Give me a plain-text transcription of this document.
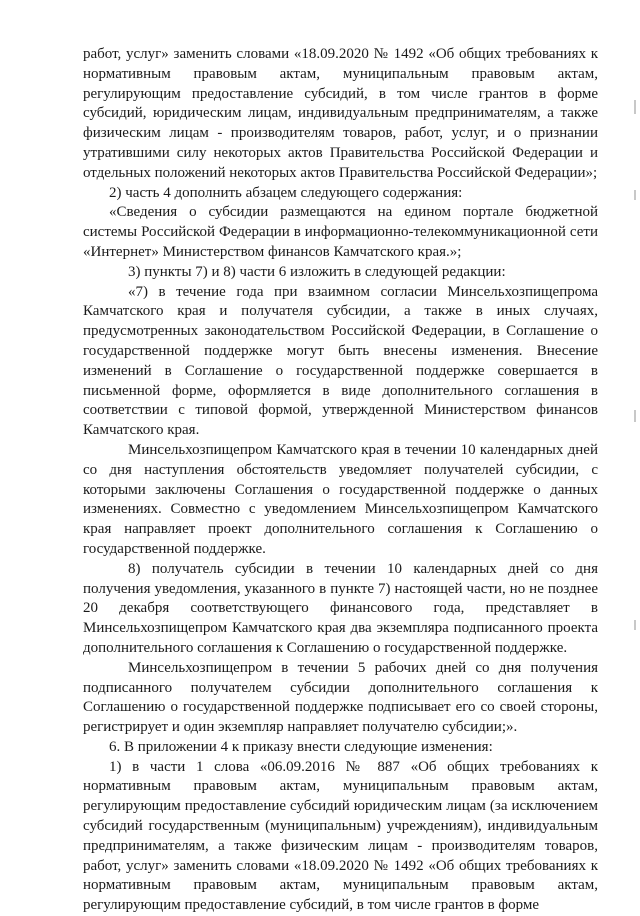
работ, услуг» заменить словами «18.09.2020 № 1492 «Об общих требованиях к нормативным правовым актам, муниципальным правовым актам, регулирующим предоставление субсидий, в том числе грантов в форме субсидий, юридическим лицам, индивидуальным предпринимателям, а также физическим лицам - производителям товаров, работ, услуг, и о признании утратившими силу некоторых актов Правительства Российской Федерации и отдельных положений некоторых актов Правительства Российской Федерации»;

2) часть 4 дополнить абзацем следующего содержания:

«Сведения о субсидии размещаются на едином портале бюджетной системы Российской Федерации в информационно-телекоммуникационной сети «Интернет» Министерством финансов Камчатского края.»;

3) пункты 7) и 8) части 6 изложить в следующей редакции:

«7) в течение года при взаимном согласии Минсельхозпищепрома Камчатского края и получателя субсидии, а также в иных случаях, предусмотренных законодательством Российской Федерации, в Соглашение о государственной поддержке могут быть внесены изменения. Внесение изменений в Соглашение о государственной поддержке совершается в письменной форме, оформляется в виде дополнительного соглашения в соответствии с типовой формой, утвержденной Министерством финансов Камчатского края.

Минсельхозпищепром Камчатского края в течении 10 календарных дней со дня наступления обстоятельств уведомляет получателей субсидии, с которыми заключены Соглашения о государственной поддержке о данных изменениях. Совместно с уведомлением Минсельхозпищепром Камчатского края направляет проект дополнительного соглашения к Соглашению о государственной поддержке.

8) получатель субсидии в течении 10 календарных дней со дня получения уведомления, указанного в пункте 7) настоящей части, но не позднее 20 декабря соответствующего финансового года, представляет в Минсельхозпищепром Камчатского края два экземпляра подписанного проекта дополнительного соглашения к Соглашению о государственной поддержке.

Минсельхозпищепром в течении 5 рабочих дней со дня получения подписанного получателем субсидии дополнительного соглашения к Соглашению о государственной поддержке подписывает его со своей стороны, регистрирует и один экземпляр направляет получателю субсидии;».

6. В приложении 4 к приказу внести следующие изменения:

1) в части 1 слова «06.09.2016 № 887 «Об общих требованиях к нормативным правовым актам, муниципальным правовым актам, регулирующим предоставление субсидий юридическим лицам (за исключением субсидий государственным (муниципальным) учреждениям), индивидуальным предпринимателям, а также физическим лицам - производителям товаров, работ, услуг» заменить словами «18.09.2020 № 1492 «Об общих требованиях к нормативным правовым актам, муниципальным правовым актам, регулирующим предоставление субсидий, в том числе грантов в форме
